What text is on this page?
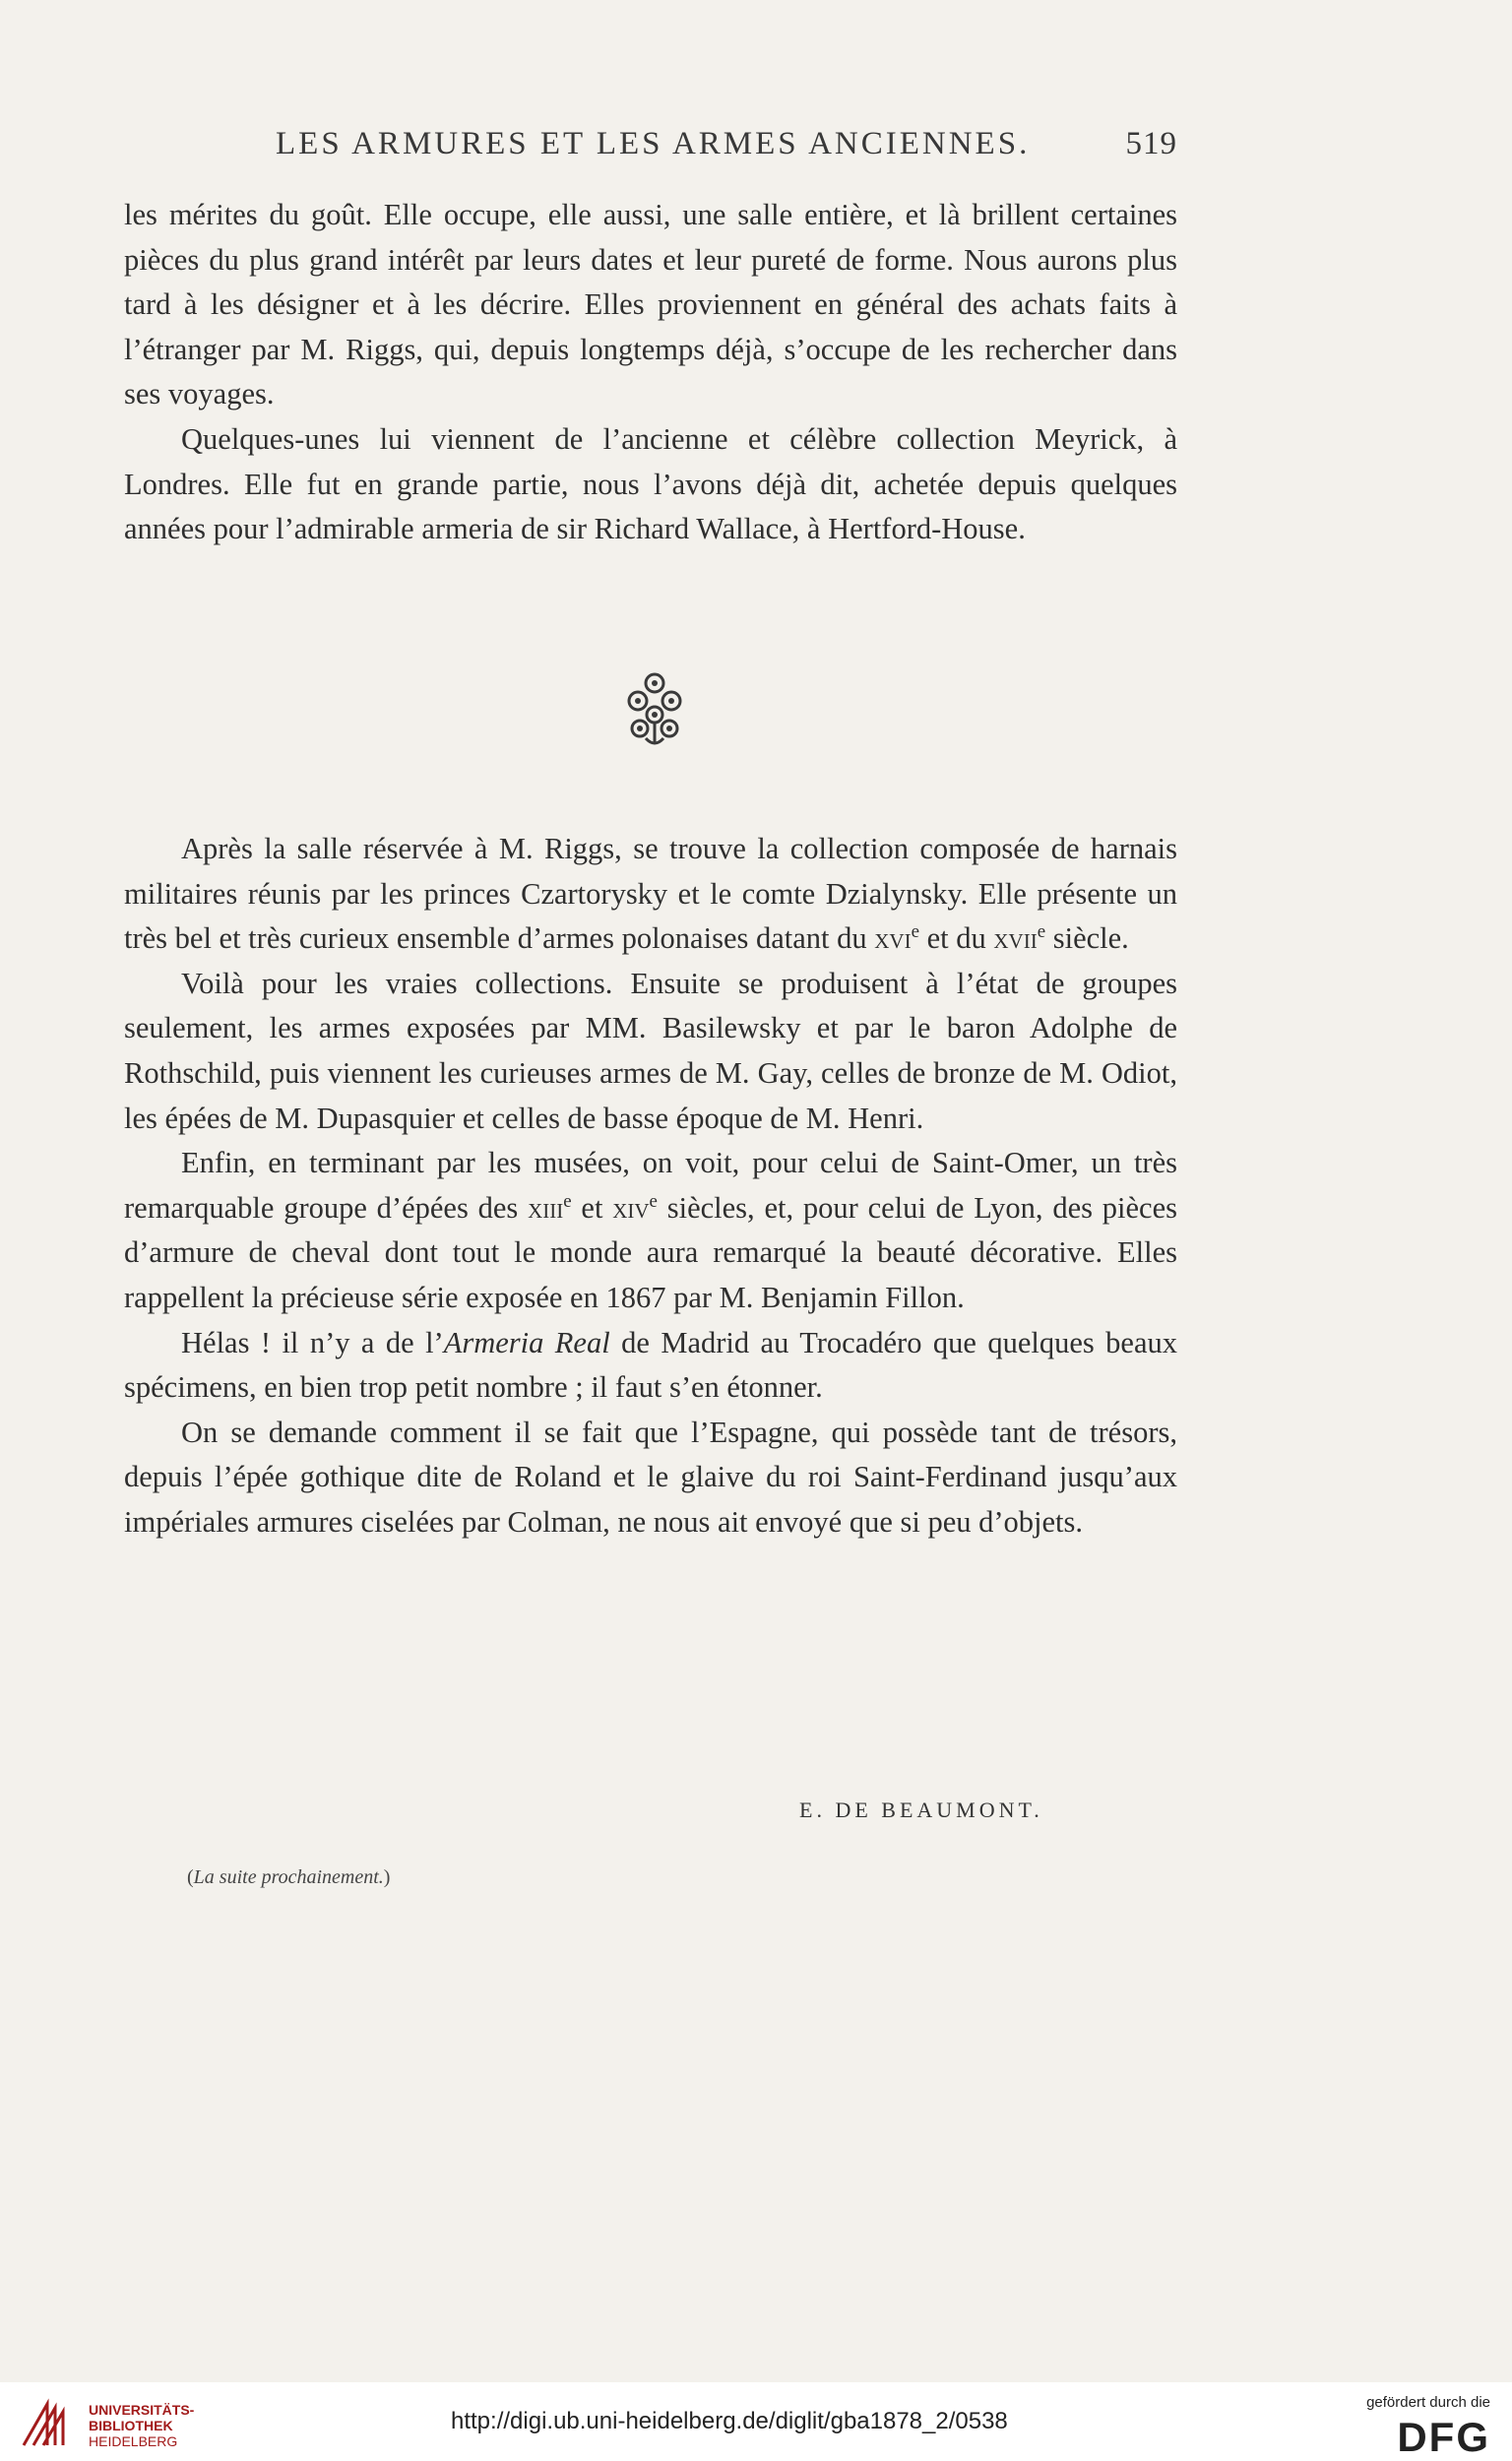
LES ARMURES ET LES ARMES ANCIENNES.	519

les mérites du goût. Elle occupe, elle aussi, une salle entière, et là brillent certaines pièces du plus grand intérêt par leurs dates et leur pureté de forme. Nous aurons plus tard à les désigner et à les décrire. Elles proviennent en général des achats faits à l’étranger par M. Riggs, qui, depuis longtemps déjà, s’occupe de les rechercher dans ses voyages.

Quelques-unes lui viennent de l’ancienne et célèbre collection Meyrick, à Londres. Elle fut en grande partie, nous l’avons déjà dit, achetée depuis quelques années pour l’admirable armeria de sir Richard Wallace, à Hertford-House.

Après la salle réservée à M. Riggs, se trouve la collection composée de harnais militaires réunis par les princes Czartorysky et le comte Dzialynsky. Elle présente un très bel et très curieux ensemble d’armes polonaises datant du xvi$^e$ et du xvii$^e$ siècle.

Voilà pour les vraies collections. Ensuite se produisent à l’état de groupes seulement, les armes exposées par MM. Basilewsky et par le baron Adolphe de Rothschild, puis viennent les curieuses armes de M. Gay, celles de bronze de M. Odiot, les épées de M. Dupasquier et celles de basse époque de M. Henri.

Enfin, en terminant par les musées, on voit, pour celui de Saint-Omer, un très remarquable groupe d’épées des xiii$^e$ et xiv$^e$ siècles, et, pour celui de Lyon, des pièces d’armure de cheval dont tout le monde aura remarqué la beauté décorative. Elles rappellent la précieuse série exposée en 1867 par M. Benjamin Fillon.

Hélas ! il n’y a de l’Armeria Real de Madrid au Trocadéro que quelques beaux spécimens, en bien trop petit nombre ; il faut s’en étonner.

On se demande comment il se fait que l’Espagne, qui possède tant de trésors, depuis l’épée gothique dite de Roland et le glaive du roi Saint-Ferdinand jusqu’aux impériales armures ciselées par Colman, ne nous ait envoyé que si peu d’objets.

E. DE BEAUMONT.
(La suite prochainement.)
UNIVERSITÄTS-
BIBLIOTHEK
HEIDELBERG
http://digi.ub.uni-heidelberg.de/diglit/gba1878_2/0538
gefördert durch die
DFG
